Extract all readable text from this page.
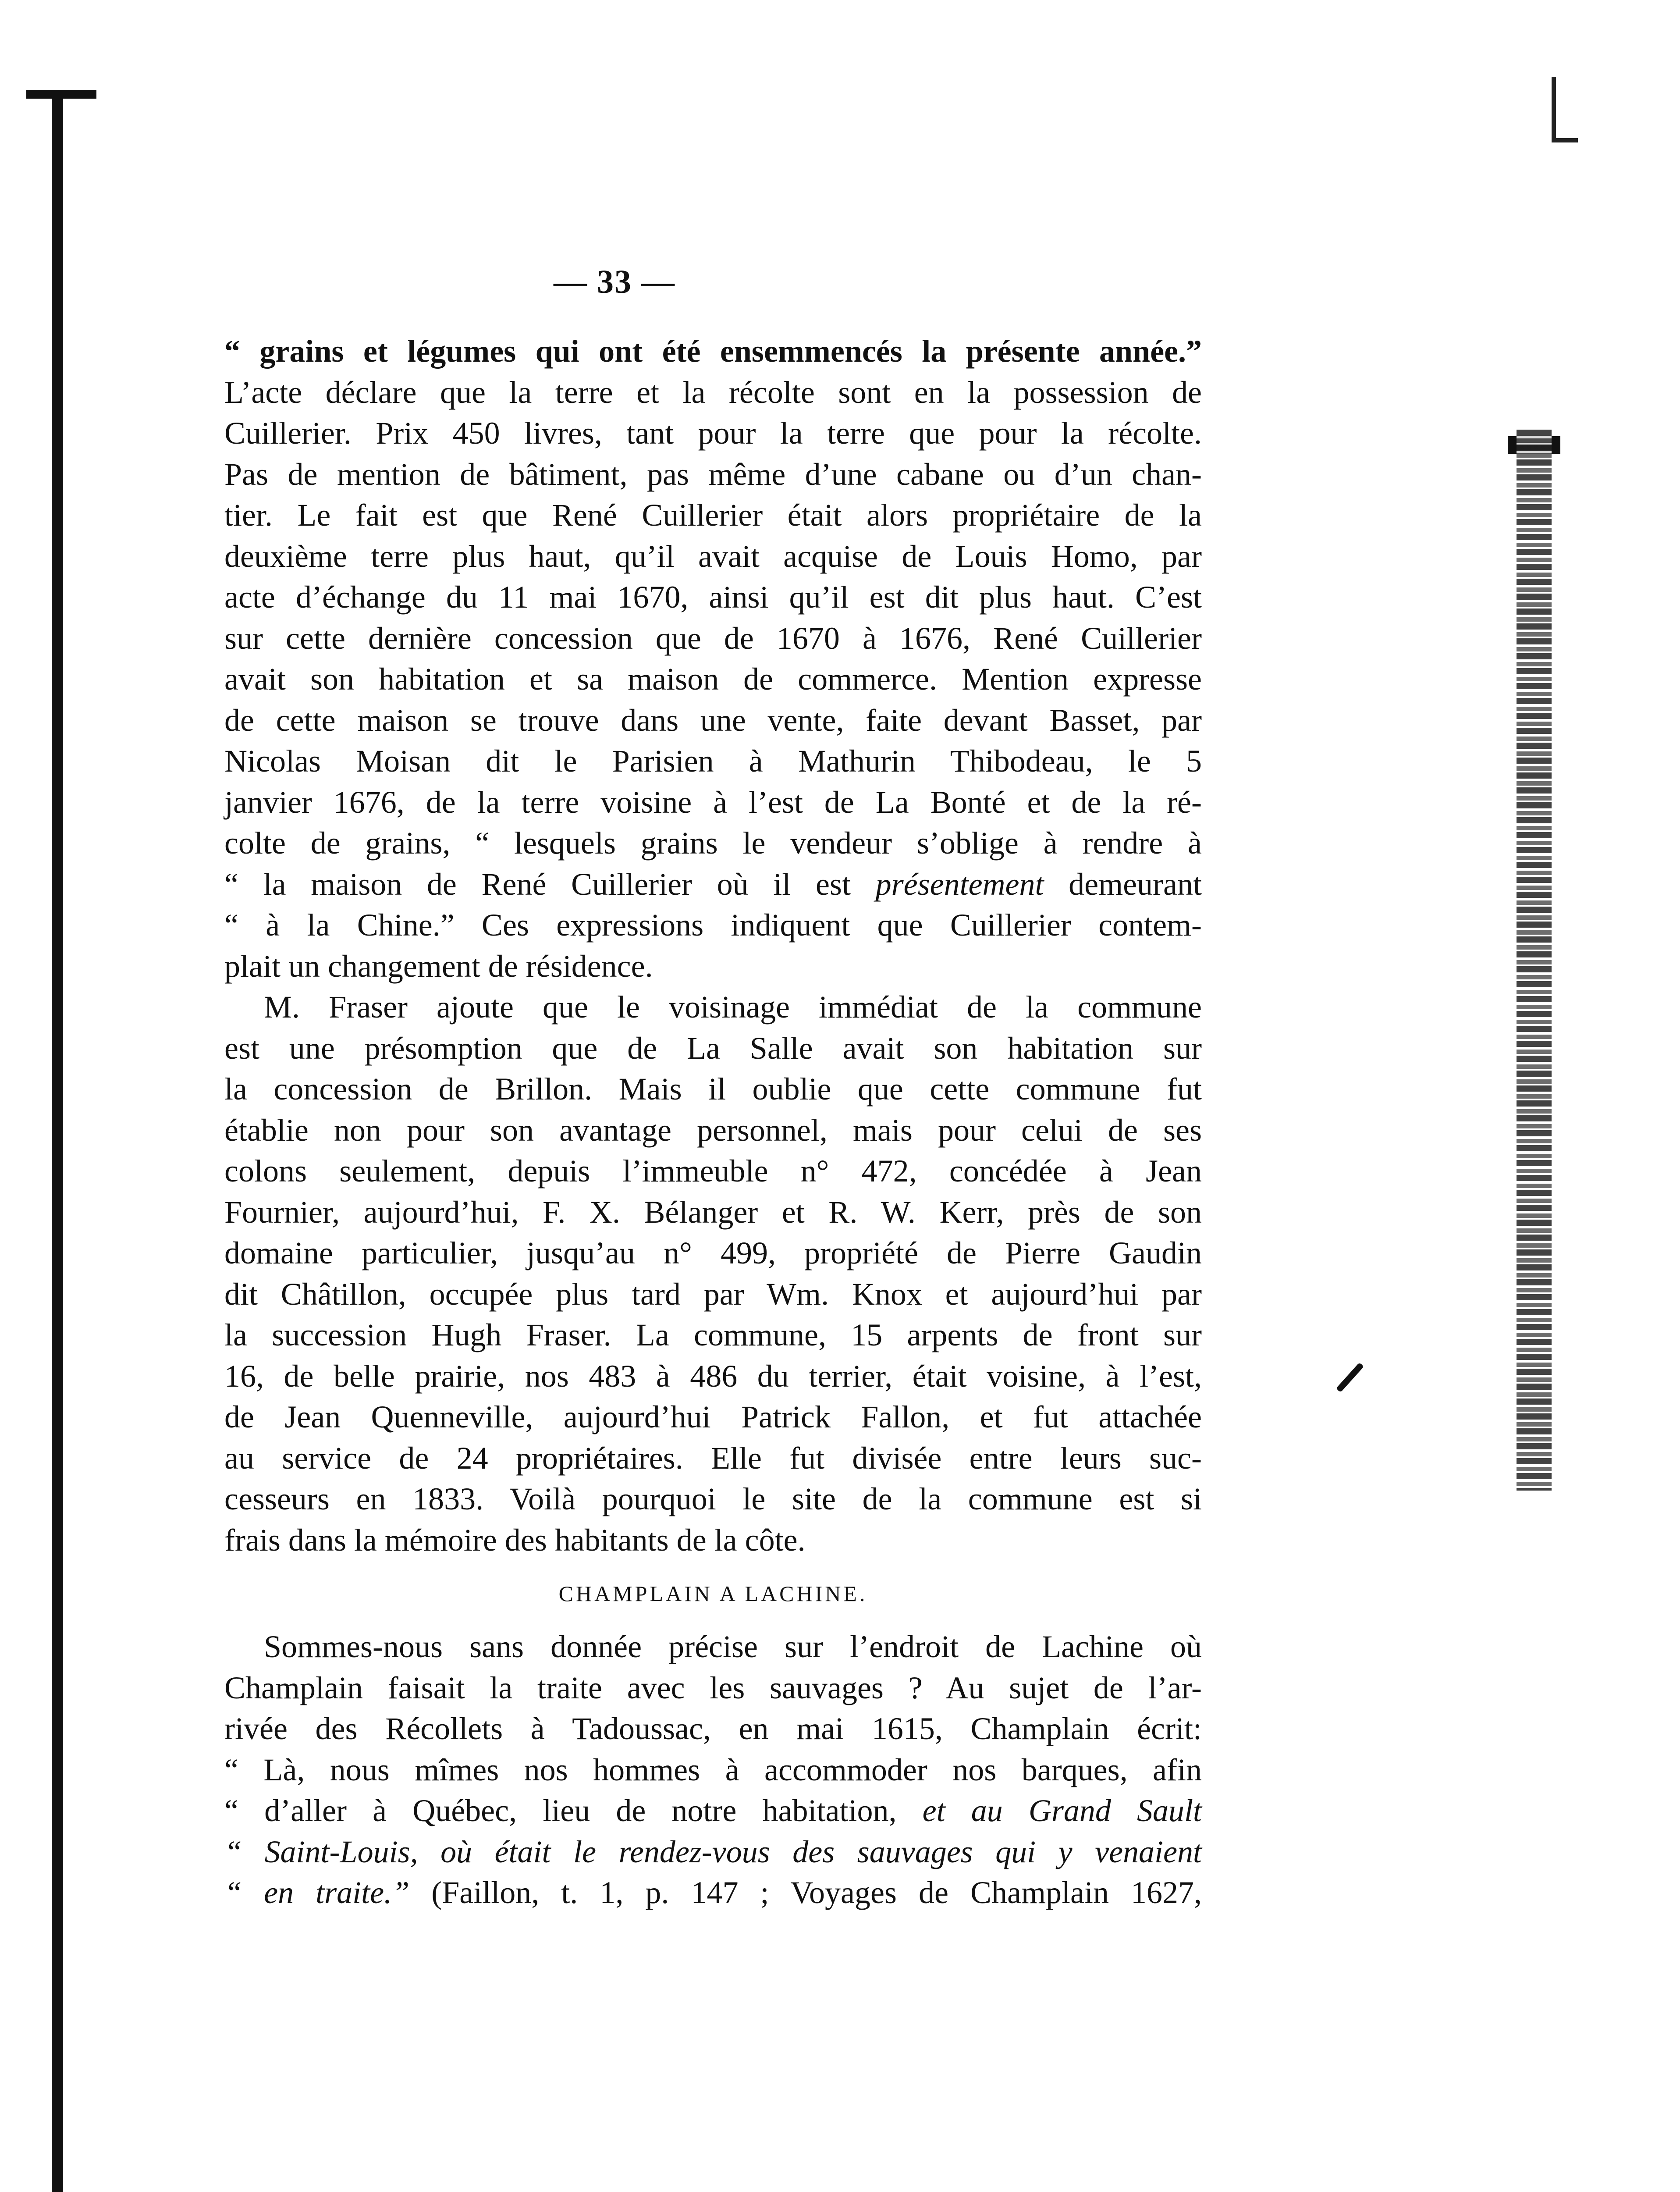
— 33 —
“ grains et légumes qui ont été ensemmencés la présente année.”
L’acte déclare que la terre et la récolte sont en la possession de
Cuillerier. Prix 450 livres, tant pour la terre que pour la récolte.
Pas de mention de bâtiment, pas même d’une cabane ou d’un chan-
tier. Le fait est que René Cuillerier était alors propriétaire de la
deuxième terre plus haut, qu’il avait acquise de Louis Homo, par
acte d’échange du 11 mai 1670, ainsi qu’il est dit plus haut. C’est
sur cette dernière concession que de 1670 à 1676, René Cuillerier
avait son habitation et sa maison de commerce. Mention expresse
de cette maison se trouve dans une vente, faite devant Basset, par
Nicolas Moisan dit le Parisien à Mathurin Thibodeau, le 5
janvier 1676, de la terre voisine à l’est de La Bonté et de la ré-
colte de grains, “ lesquels grains le vendeur s’oblige à rendre à
“ la maison de René Cuillerier où il est présentement demeurant
“ à la Chine.” Ces expressions indiquent que Cuillerier contem-
plait un changement de résidence.
M. Fraser ajoute que le voisinage immédiat de la commune
est une présomption que de La Salle avait son habitation sur
la concession de Brillon. Mais il oublie que cette commune fut
établie non pour son avantage personnel, mais pour celui de ses
colons seulement, depuis l’immeuble n° 472, concédée à Jean
Fournier, aujourd’hui, F. X. Bélanger et R. W. Kerr, près de son
domaine particulier, jusqu’au n° 499, propriété de Pierre Gaudin
dit Châtillon, occupée plus tard par Wm. Knox et aujourd’hui par
la succession Hugh Fraser. La commune, 15 arpents de front sur
16, de belle prairie, nos 483 à 486 du terrier, était voisine, à l’est,
de Jean Quenneville, aujourd’hui Patrick Fallon, et fut attachée
au service de 24 propriétaires. Elle fut divisée entre leurs suc-
cesseurs en 1833. Voilà pourquoi le site de la commune est si
frais dans la mémoire des habitants de la côte.
CHAMPLAIN A LACHINE.
Sommes-nous sans donnée précise sur l’endroit de Lachine où
Champlain faisait la traite avec les sauvages ? Au sujet de l’ar-
rivée des Récollets à Tadoussac, en mai 1615, Champlain écrit:
“ Là, nous mîmes nos hommes à accommoder nos barques, afin
“ d’aller à Québec, lieu de notre habitation, et au Grand Sault
“ Saint-Louis, où était le rendez-vous des sauvages qui y venaient
“ en traite.” (Faillon, t. 1, p. 147 ; Voyages de Champlain 1627,
